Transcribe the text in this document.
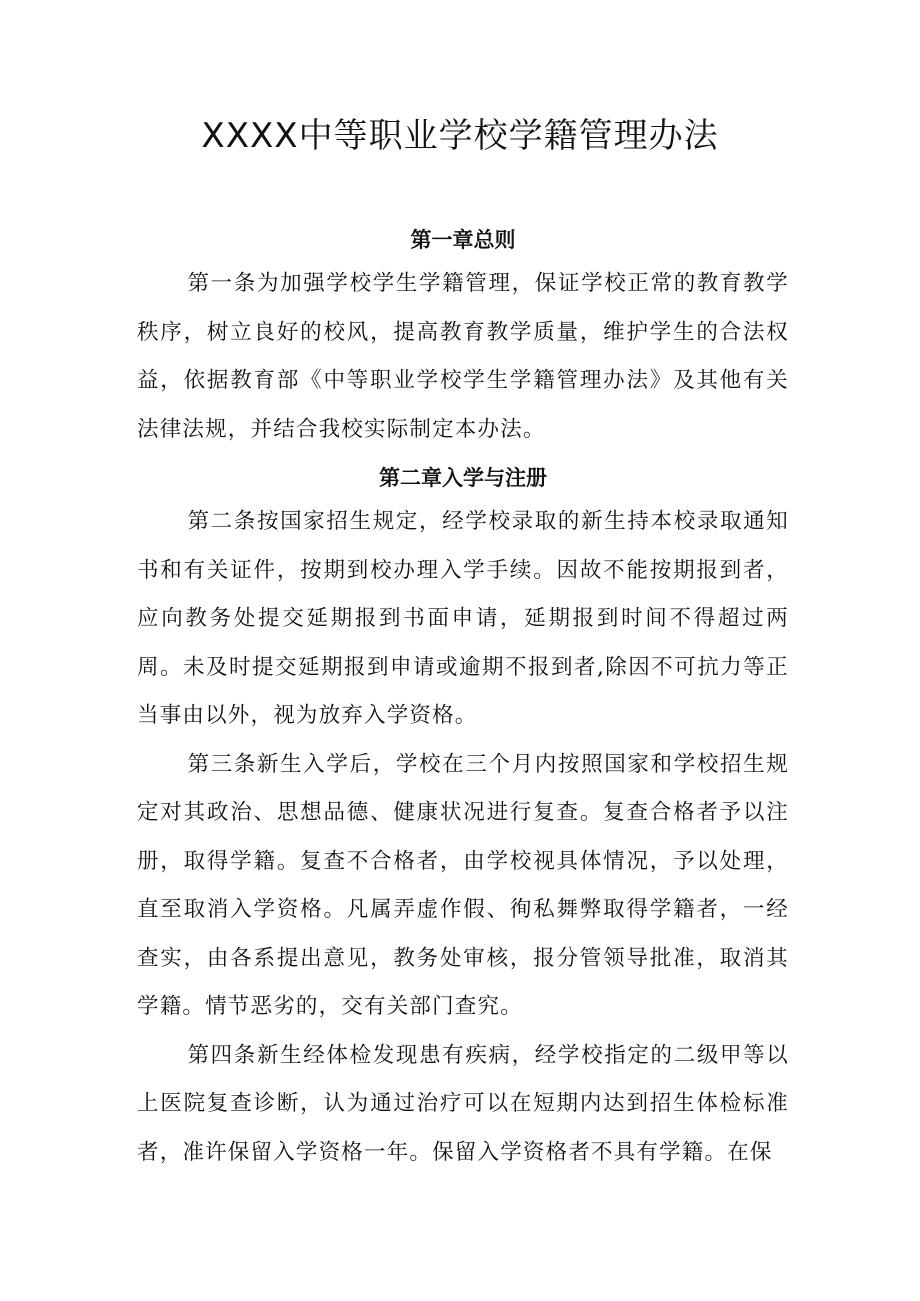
XXXX中等职业学校学籍管理办法
第一章总则

第一条为加强学校学生学籍管理，保证学校正常的教育教学秩序，树立良好的校风，提高教育教学质量，维护学生的合法权益，依据教育部《中等职业学校学生学籍管理办法》及其他有关法律法规，并结合我校实际制定本办法。

第二章入学与注册

第二条按国家招生规定，经学校录取的新生持本校录取通知书和有关证件，按期到校办理入学手续。因故不能按期报到者，应向教务处提交延期报到书面申请，延期报到时间不得超过两周。未及时提交延期报到申请或逾期不报到者,除因不可抗力等正当事由以外，视为放弃入学资格。

第三条新生入学后，学校在三个月内按照国家和学校招生规定对其政治、思想品德、健康状况进行复查。复查合格者予以注册，取得学籍。复查不合格者，由学校视具体情况，予以处理，直至取消入学资格。凡属弄虚作假、徇私舞弊取得学籍者，一经查实，由各系提出意见，教务处审核，报分管领导批准，取消其学籍。情节恶劣的，交有关部门查究。

第四条新生经体检发现患有疾病，经学校指定的二级甲等以上医院复查诊断，认为通过治疗可以在短期内达到招生体检标准者，准许保留入学资格一年。保留入学资格者不具有学籍。在保
